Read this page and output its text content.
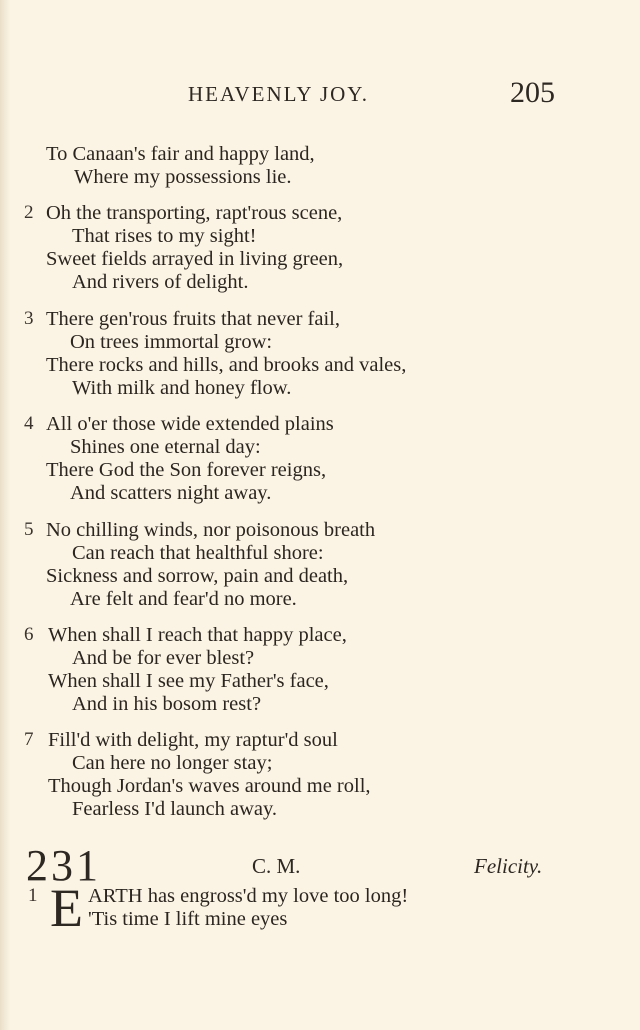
HEAVENLY JOY.	205
To Canaan's fair and happy land,
Where my possessions lie.
2 Oh the transporting, rapt'rous scene,
That rises to my sight!
Sweet fields arrayed in living green,
And rivers of delight.
3 There gen'rous fruits that never fail,
On trees immortal grow:
There rocks and hills, and brooks and vales,
With milk and honey flow.
4 All o'er those wide extended plains
Shines one eternal day:
There God the Son forever reigns,
And scatters night away.
5 No chilling winds, nor poisonous breath
Can reach that healthful shore:
Sickness and sorrow, pain and death,
Are felt and fear'd no more.
6 When shall I reach that happy place,
And be for ever blest?
When shall I see my Father's face,
And in his bosom rest?
7 Fill'd with delight, my raptur'd soul
Can here no longer stay;
Though Jordan's waves around me roll,
Fearless I'd launch away.
231	C. M.	Felicity.
1 E ARTH has engross'd my love too long!
'Tis time I lift mine eyes
